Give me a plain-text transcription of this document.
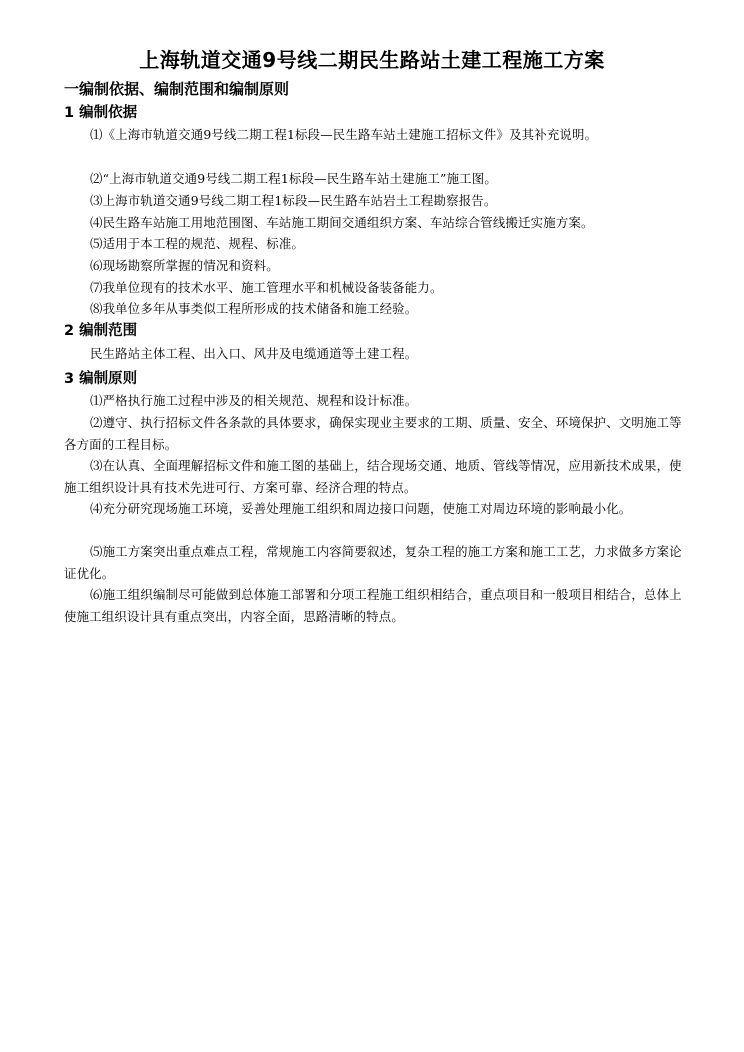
上海轨道交通9号线二期民生路站土建工程施工方案
一编制依据、编制范围和编制原则
1 编制依据

⑴《上海市轨道交通9号线二期工程1标段—民生路车站土建施工招标文件》及其补充说明。

⑵“上海市轨道交通9号线二期工程1标段—民生路车站土建施工”施工图。

⑶上海市轨道交通9号线二期工程1标段—民生路车站岩土工程勘察报告。

⑷民生路车站施工用地范围图、车站施工期间交通组织方案、车站综合管线搬迁实施方案。

⑸适用于本工程的规范、规程、标准。

⑹现场勘察所掌握的情况和资料。

⑺我单位现有的技术水平、施工管理水平和机械设备装备能力。

⑻我单位多年从事类似工程所形成的技术储备和施工经验。

2 编制范围

民生路站主体工程、出入口、风井及电缆通道等土建工程。

3 编制原则

⑴严格执行施工过程中涉及的相关规范、规程和设计标准。

⑵遵守、执行招标文件各条款的具体要求，确保实现业主要求的工期、质量、安全、环境保护、文明施工等各方面的工程目标。

⑶在认真、全面理解招标文件和施工图的基础上，结合现场交通、地质、管线等情况，应用新技术成果，使施工组织设计具有技术先进可行、方案可靠、经济合理的特点。

⑷充分研究现场施工环境，妥善处理施工组织和周边接口问题，使施工对周边环境的影响最小化。

⑸施工方案突出重点难点工程，常规施工内容简要叙述，复杂工程的施工方案和施工工艺，力求做多方案论证优化。

⑹施工组织编制尽可能做到总体施工部署和分项工程施工组织相结合，重点项目和一般项目相结合，总体上使施工组织设计具有重点突出，内容全面，思路清晰的特点。
